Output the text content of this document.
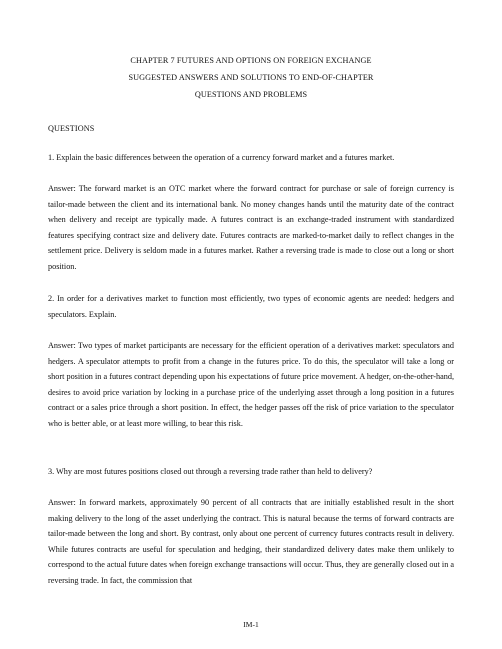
CHAPTER 7 FUTURES AND OPTIONS ON FOREIGN EXCHANGE
SUGGESTED ANSWERS AND SOLUTIONS TO END-OF-CHAPTER
QUESTIONS AND PROBLEMS
QUESTIONS
1. Explain the basic differences between the operation of a currency forward market and a futures market.
Answer: The forward market is an OTC market where the forward contract for purchase or sale of foreign currency is tailor-made between the client and its international bank. No money changes hands until the maturity date of the contract when delivery and receipt are typically made. A futures contract is an exchange-traded instrument with standardized features specifying contract size and delivery date. Futures contracts are marked-to-market daily to reflect changes in the settlement price. Delivery is seldom made in a futures market. Rather a reversing trade is made to close out a long or short position.
2. In order for a derivatives market to function most efficiently, two types of economic agents are needed: hedgers and speculators. Explain.
Answer: Two types of market participants are necessary for the efficient operation of a derivatives market: speculators and hedgers. A speculator attempts to profit from a change in the futures price. To do this, the speculator will take a long or short position in a futures contract depending upon his expectations of future price movement. A hedger, on-the-other-hand, desires to avoid price variation by locking in a purchase price of the underlying asset through a long position in a futures contract or a sales price through a short position. In effect, the hedger passes off the risk of price variation to the speculator who is better able, or at least more willing, to bear this risk.
3. Why are most futures positions closed out through a reversing trade rather than held to delivery?
Answer: In forward markets, approximately 90 percent of all contracts that are initially established result in the short making delivery to the long of the asset underlying the contract. This is natural because the terms of forward contracts are tailor-made between the long and short. By contrast, only about one percent of currency futures contracts result in delivery. While futures contracts are useful for speculation and hedging, their standardized delivery dates make them unlikely to correspond to the actual future dates when foreign exchange transactions will occur. Thus, they are generally closed out in a reversing trade. In fact, the commission that
IM-1
